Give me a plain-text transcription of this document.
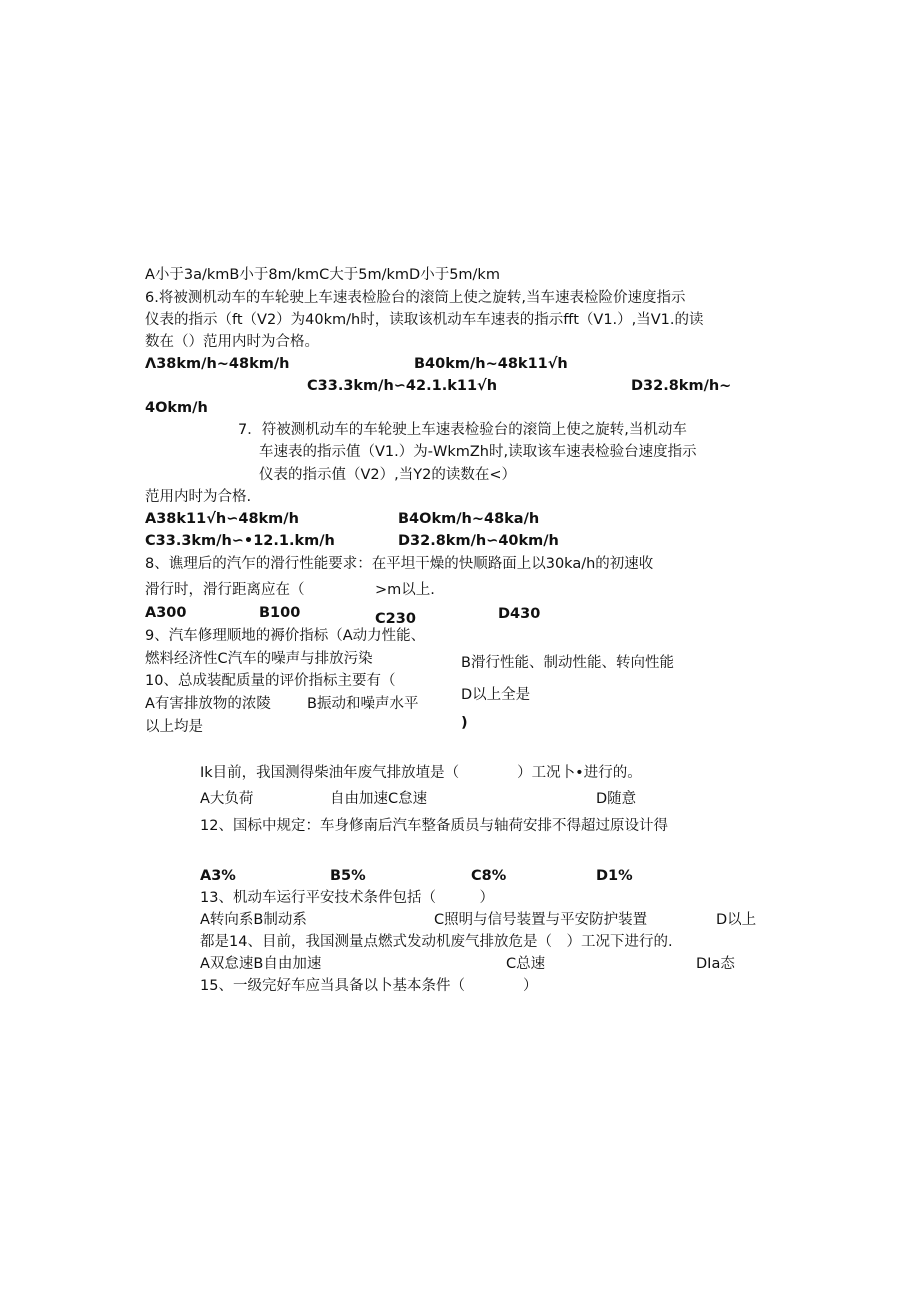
A小于3a/kmB小于8m/kmC大于5m/kmD小于5m/km
6.将被测机动车的车轮驶上车速表检脸台的滚筒上使之旋转,当车速表检险价速度指示
仪表的指示（ft（V2）为40km/h时，读取该机动车车速表的指示fft（V1.）,当V1.的读
数在（）范用内时为合格。
Λ38km/h~48km/h	B40km/h~48k11√h
C33.3km/h∽42.1.k11√h	D32.8km/h~
4Okm/h
7．符被测机动车的车轮驶上车速表检验台的滚筒上使之旋转,当机动车
车速表的指示值（V1.）为-WkmZh时,读取该车速表检验台速度指示
仪表的指示值（V2）,当Y2的读数在<）
范用内时为合格.
A38k11√h∽48km/h	B4Okm/h~48ka/h
C33.3km/h∽•12.1.km/h	D32.8km/h∽40km/h
8、谯理后的汽乍的滑行性能要求：在平坦干燥的快顺路面上以30ka/h的初速收
滑行时，滑行距离应在（	>m以上.
A300	B100	C230	D430
9、汽车修理顺地的褥价指标（A动力性能、
燃料经济性C汽车的噪声与排放污染	B滑行性能、制动性能、转向性能
10、总成装配质量的评价指标主要有（
D以上全是
A有害排放物的浓陵 B振动和噪声水平
以上均是	)
Ik目前，我国测得柴油年废气排放埴是（　　　　）工况卜•进行的。
A大负荷	自由加速C怠速	D随意
12、国标中规定：车身修南后汽车整备质员与轴荷安排不得超过原设计得
A3%	B5%	C8%	D1%
13、机动车运行平安技术条件包括（　　　）
A转向系B制动系	C照明与信号装置与平安防护装置	D以上
都是14、目前，我国测量点燃式发动机废气排放危是（　）工况下进行的.
A双怠速B自由加速	C总速	DIa态
15、一级完好车应当具备以卜基本条件（　　　　）
